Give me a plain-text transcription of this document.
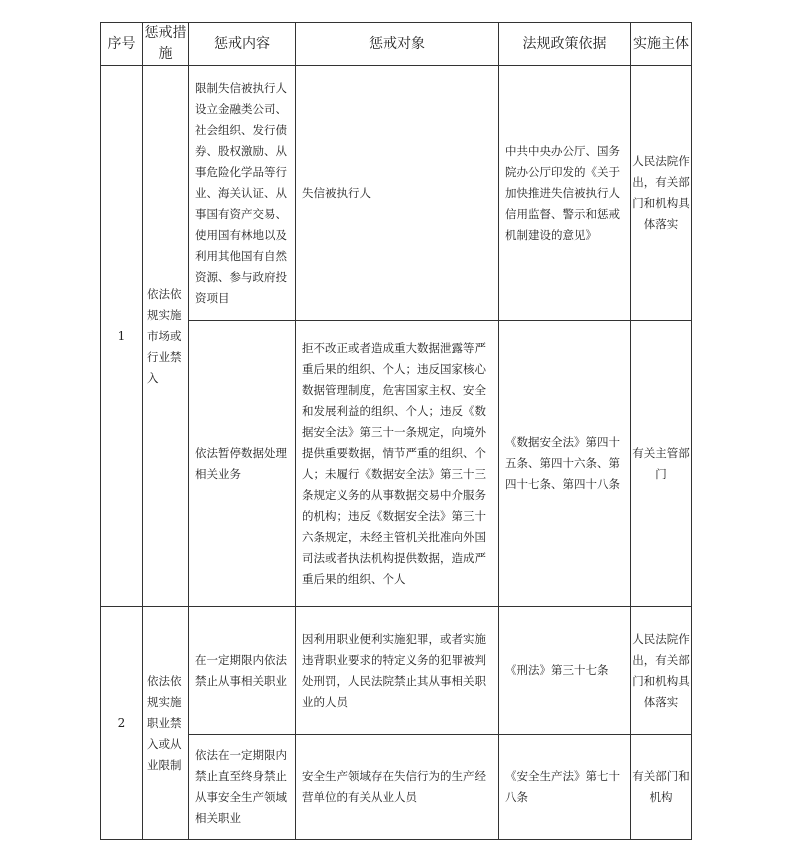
序号	惩戒措施	惩戒内容	惩戒对象	法规政策依据	实施主体
1	依法依规实施市场或行业禁入	限制失信被执行人设立金融类公司、社会组织、发行债券、股权激励、从事危险化学品等行业、海关认证、从事国有资产交易、使用国有林地以及利用其他国有自然资源、参与政府投资项目	失信被执行人	中共中央办公厅、国务院办公厅印发的《关于加快推进失信被执行人信用监督、警示和惩戒机制建设的意见》	人民法院作出，有关部门和机构具体落实
		依法暂停数据处理相关业务	拒不改正或者造成重大数据泄露等严重后果的组织、个人；违反国家核心数据管理制度，危害国家主权、安全和发展利益的组织、个人；违反《数据安全法》第三十一条规定，向境外提供重要数据，情节严重的组织、个人；未履行《数据安全法》第三十三条规定义务的从事数据交易中介服务的机构；违反《数据安全法》第三十六条规定，未经主管机关批准向外国司法或者执法机构提供数据，造成严重后果的组织、个人	《数据安全法》第四十五条、第四十六条、第四十七条、第四十八条	有关主管部门
2	依法依规实施职业禁入或从业限制	在一定期限内依法禁止从事相关职业	因利用职业便利实施犯罪，或者实施违背职业要求的特定义务的犯罪被判处刑罚，人民法院禁止其从事相关职业的人员	《刑法》第三十七条	人民法院作出，有关部门和机构具体落实
		依法在一定期限内禁止直至终身禁止从事安全生产领域相关职业	安全生产领域存在失信行为的生产经营单位的有关从业人员	《安全生产法》第七十八条	有关部门和机构
